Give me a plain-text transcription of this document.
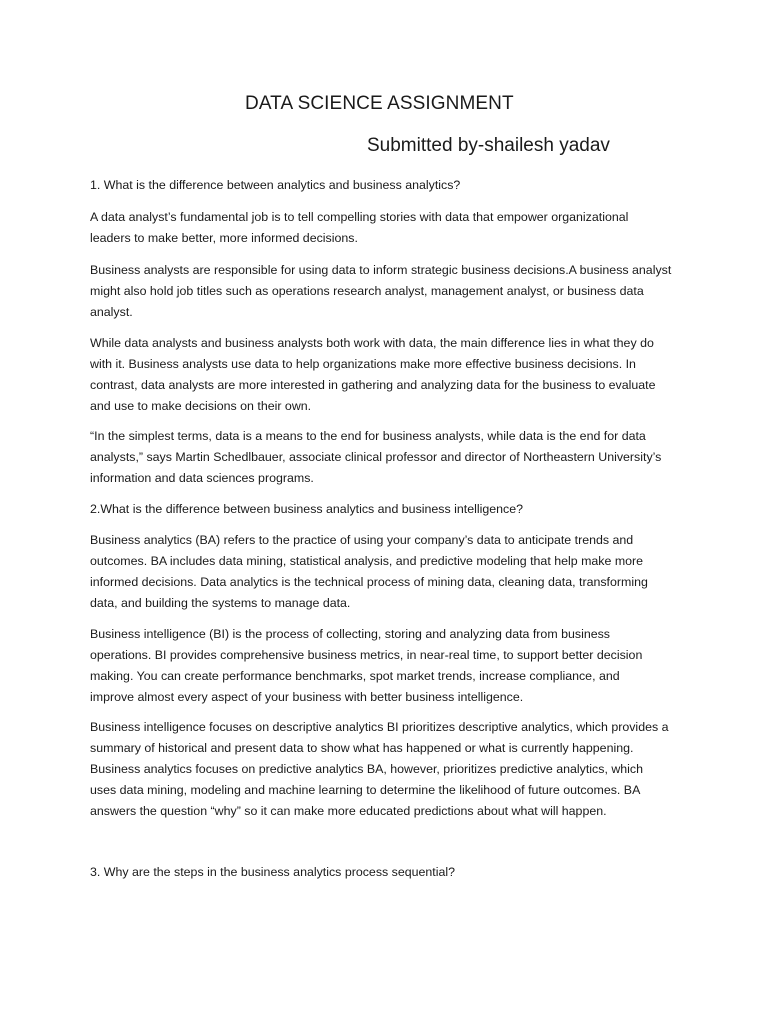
DATA SCIENCE ASSIGNMENT
Submitted by-shailesh yadav

1. What is the difference between analytics and business analytics?

A data analyst’s fundamental job is to tell compelling stories with data that empower organizational
leaders to make better, more informed decisions.

Business analysts are responsible for using data to inform strategic business decisions.A business analyst
might also hold job titles such as operations research analyst, management analyst, or business data
analyst.

While data analysts and business analysts both work with data, the main difference lies in what they do
with it. Business analysts use data to help organizations make more effective business decisions. In
contrast, data analysts are more interested in gathering and analyzing data for the business to evaluate
and use to make decisions on their own.

“In the simplest terms, data is a means to the end for business analysts, while data is the end for data
analysts,” says Martin Schedlbauer, associate clinical professor and director of Northeastern University’s
information and data sciences programs.

2.What is the difference between business analytics and business intelligence?

Business analytics (BA) refers to the practice of using your company’s data to anticipate trends and
outcomes. BA includes data mining, statistical analysis, and predictive modeling that help make more
informed decisions. Data analytics is the technical process of mining data, cleaning data, transforming
data, and building the systems to manage data.

Business intelligence (BI) is the process of collecting, storing and analyzing data from business
operations. BI provides comprehensive business metrics, in near-real time, to support better decision
making. You can create performance benchmarks, spot market trends, increase compliance, and
improve almost every aspect of your business with better business intelligence.

Business intelligence focuses on descriptive analytics BI prioritizes descriptive analytics, which provides a
summary of historical and present data to show what has happened or what is currently happening.
Business analytics focuses on predictive analytics BA, however, prioritizes predictive analytics, which
uses data mining, modeling and machine learning to determine the likelihood of future outcomes. BA
answers the question “why” so it can make more educated predictions about what will happen.

3. Why are the steps in the business analytics process sequential?
